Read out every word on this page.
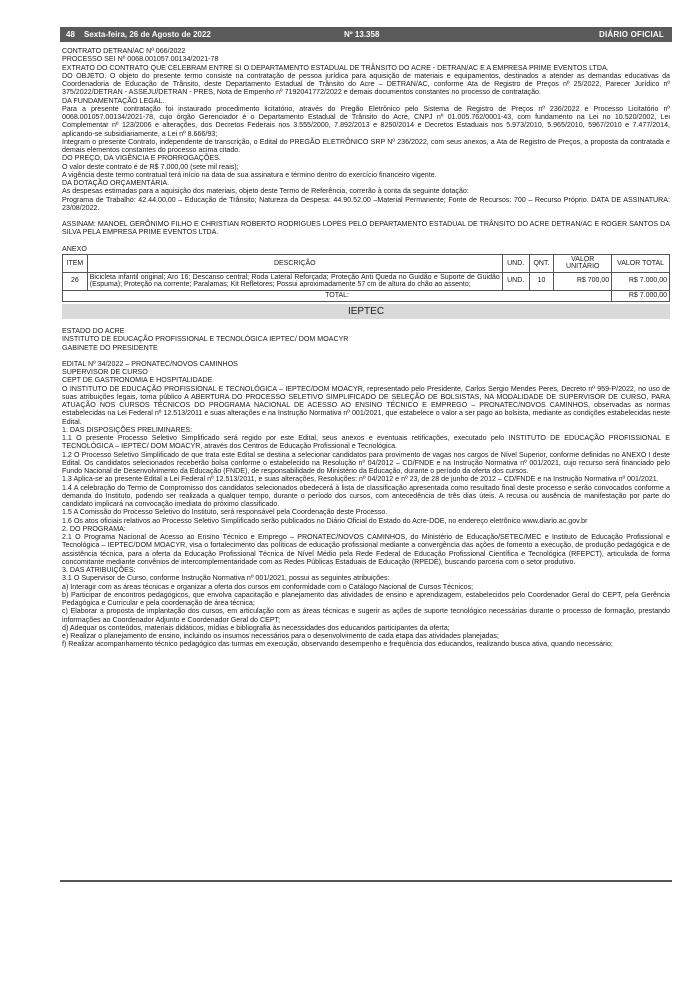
48	Sexta-feira, 26 de Agosto de 2022	Nº 13.358	DIÁRIO OFICIAL

CONTRATO DETRAN/AC Nº 066/2022

PROCESSO SEI Nº 0068.001057.00134/2021-78

EXTRATO DO CONTRATO QUE CELEBRAM ENTRE SI O DEPARTAMENTO ESTADUAL DE TRÂNSITO DO ACRE - DETRAN/AC E A EMPRESA PRIME EVENTOS LTDA.

DO OBJETO. O objeto do presente termo consiste na contratação de pessoa jurídica para aquisição de materiais e equipamentos, destinados a atender as demandas educativas da Coordenadoria de Educação de Trânsito, deste Departamento Estadual de Trânsito do Acre – DETRAN/AC, conforme Ata de Registro de Preços nº 25/2022, Parecer Jurídico nº 375/2022/DETRAN - ASSEJU/DETRAN - PRES, Nota de Empenho nº 7192041772/2022 e demais documentos constantes no processo de contratação.

DA FUNDAMENTAÇÃO LEGAL.

Para a presente contratação foi instaurado procedimento licitatório, através do Pregão Eletrônico pelo Sistema de Registro de Preços nº 236/2022 e Processo Licitatório nº 0068.001057.00134/2021-78, cujo órgão Gerenciador é o Departamento Estadual de Trânsito do Acre, CNPJ nº 01.005.762/0001-43, com fundamento na Lei no 10.520/2002, Lei Complementar nº 123/2006 e alterações, dos Decretos Federais nos 3.555/2000, 7.892/2013 e 8250/2014 e Decretos Estaduais nos 5.973/2010, 5.965/2010, 5967/2010 e 7.477/2014, aplicando-se subsidiariamente, a Lei nº 8.666/93;

Integram o presente Contrato, independente de transcrição, o Edital do PREGÃO ELETRÔNICO SRP Nº 236/2022, com seus anexos, a Ata de Registro de Preços, a proposta da contratada e demais elementos constantes do processo acima citado.

DO PREÇO, DA VIGÊNCIA E PRORROGAÇÕES.

O valor deste contrato é de R$ 7.000,00 (sete mil reais);

A vigência deste termo contratual terá início na data de sua assinatura e término dentro do exercício financeiro vigente.

DA DOTAÇÃO ORÇAMENTÁRIA.

As despesas estimadas para a aquisição dos materiais, objeto deste Termo de Referência, correrão à conta da seguinte dotação:

Programa de Trabalho: 42.44.00.00 – Educação de Trânsito; Natureza da Despesa: 44.90.52.00 –Material Permanente; Fonte de Recursos: 700 – Recurso Próprio. DATA DE ASSINATURA: 23/08/2022.

ASSINAM: MANOEL GERÔNIMO FILHO E CHRISTIAN ROBERTO RODRIGUES LOPES PELO DEPARTAMENTO ESTADUAL DE TRÂNSITO DO ACRE DETRAN/AC E ROGER SANTOS DA SILVA PELA EMPRESA PRIME EVENTOS LTDA.

ANEXO

ITEM	DESCRIÇÃO	UND.	QNT.	VALOR UNITÁRIO	VALOR TOTAL
26	Bicicleta infantil original; Aro 16; Descanso central; Roda Lateral Reforçada; Proteção Anti Queda no Guidão e Suporte de Guidão (Espuma); Proteção na corrente; Paralamas; Kit Refletores; Possui aproximadamente 57 cm de altura do chão ao assento;	UND.	10	R$ 700,00	R$ 7.000,00
TOTAL:					R$ 7.000,00
IEPTEC

ESTADO DO ACRE

INSTITUTO DE EDUCAÇÃO PROFISSIONAL E TECNOLÓGICA IEPTEC/ DOM MOACYR

GABINETE DO PRESIDENTE

EDITAL Nº 34/2022 – PRONATEC/NOVOS CAMINHOS

SUPERVISOR DE CURSO

CEPT DE GASTRONOMIA E HOSPITALIDADE

O INSTITUTO DE EDUCAÇÃO PROFISSIONAL E TECNOLÓGICA – IEPTEC/DOM MOACYR, representado pelo Presidente, Carlos Sergio Mendes Peres, Decreto nº 959-P/2022, no uso de suas atribuições legais, torna público A ABERTURA DO PROCESSO SELETIVO SIMPLIFICADO DE SELEÇÃO DE BOLSISTAS, NA MODALIDADE DE SUPERVISOR DE CURSO, PARA ATUAÇÃO NOS CURSOS TÉCNICOS DO PROGRAMA NACIONAL DE ACESSO AO ENSINO TÉCNICO E EMPREGO – PRONATEC/NOVOS CAMINHOS, observadas as normas estabelecidas na Lei Federal nº 12.513/2011 e suas alterações e na Instrução Normativa nº 001/2021, que estabelece o valor a ser pago ao bolsista, mediante as condições estabelecidas neste Edital.

1. DAS DISPOSIÇÕES PRELIMINARES:

1.1 O presente Processo Seletivo Simplificado será regido por este Edital, seus anexos e eventuais retificações, executado pelo INSTITUTO DE EDUCAÇÃO PROFISSIONAL E TECNOLÓGICA – IEPTEC/ DOM MOACYR, através dos Centros de Educação Profissional e Tecnológica.

1.2 O Processo Seletivo Simplificado de que trata este Edital se destina a selecionar candidatos para provimento de vagas nos cargos de Nível Superior, conforme definidas no ANEXO I deste Edital. Os candidatos selecionados receberão bolsa conforme o estabelecido na Resolução nº 04/2012 – CD/FNDE e na Instrução Normativa nº 001/2021, cujo recurso será financiado pelo Fundo Nacional de Desenvolvimento da Educação (FNDE), de responsabilidade do Ministério da Educação, durante o período da oferta dos cursos.

1.3 Aplica-se ao presente Edital a Lei Federal nº 12.513/2011, e suas alterações, Resoluções: nº 04/2012 e nº 23, de 28 de junho de 2012 – CD/FNDE e na Instrução Normativa nº 001/2021.

1.4 A celebração do Termo de Compromisso dos candidatos selecionados obedecerá à lista de classificação apresentada como resultado final deste processo e serão convocados conforme a demanda do Instituto, podendo ser realizada a qualquer tempo, durante o período dos cursos, com antecedência de três dias úteis. A recusa ou ausência de manifestação por parte do candidato implicará na convocação imediata do próximo classificado.

1.5 A Comissão do Processo Seletivo do Instituto, será responsável pela Coordenação deste Processo.

1.6 Os atos oficiais relativos ao Processo Seletivo Simplificado serão publicados no Diário Oficial do Estado do Acre-DOE, no endereço eletrônico www.diario.ac.gov.br

2. DO PROGRAMA:

2.1 O Programa Nacional de Acesso ao Ensino Técnico e Emprego – PRONATEC/NOVOS CAMINHOS, do Ministério de Educação/SETEC/MEC e Instituto de Educação Profissional e Tecnológica – IEPTEC/DOM MOACYR, visa o fortalecimento das políticas de educação profissional mediante a convergência das ações de fomento a execução, de produção pedagógica e de assistência técnica, para a oferta da Educação Profissional Técnica de Nível Médio pela Rede Federal de Educação Profissional Científica e Tecnológica (RFEPCT), articulada de forma concomitante mediante convênios de intercomplementaridade com as Redes Públicas Estaduais de Educação (RPEDE), buscando parceria com o setor produtivo.

3. DAS ATRIBUIÇÕES:

3.1 O Supervisor de Curso, conforme Instrução Normativa nº 001/2021, possui as seguintes atribuições:

a) Interagir com as áreas técnicas e organizar a oferta dos cursos em conformidade com o Catálogo Nacional de Cursos Técnicos;

b) Participar de encontros pedagógicos, que envolva capacitação e planejamento das atividades de ensino e aprendizagem, estabelecidos pelo Coordenador Geral do CEPT, pela Gerência Pedagógica e Curricular e pela coordenação de área técnica;

c) Elaborar a proposta de implantação dos cursos, em articulação com as áreas técnicas e sugerir as ações de suporte tecnológico necessárias durante o processo de formação, prestando informações ao Coordenador Adjunto e Coordenador Geral do CEPT;

d) Adequar os conteúdos, materiais didáticos, mídias e bibliografia às necessidades dos educandos participantes da oferta;

e) Realizar o planejamento de ensino, incluindo os insumos necessários para o desenvolvimento de cada etapa das atividades planejadas;

f) Realizar acompanhamento técnico pedagógico das turmas em execução, observando desempenho e frequência dos educandos, realizando busca ativa, quando necessário;
